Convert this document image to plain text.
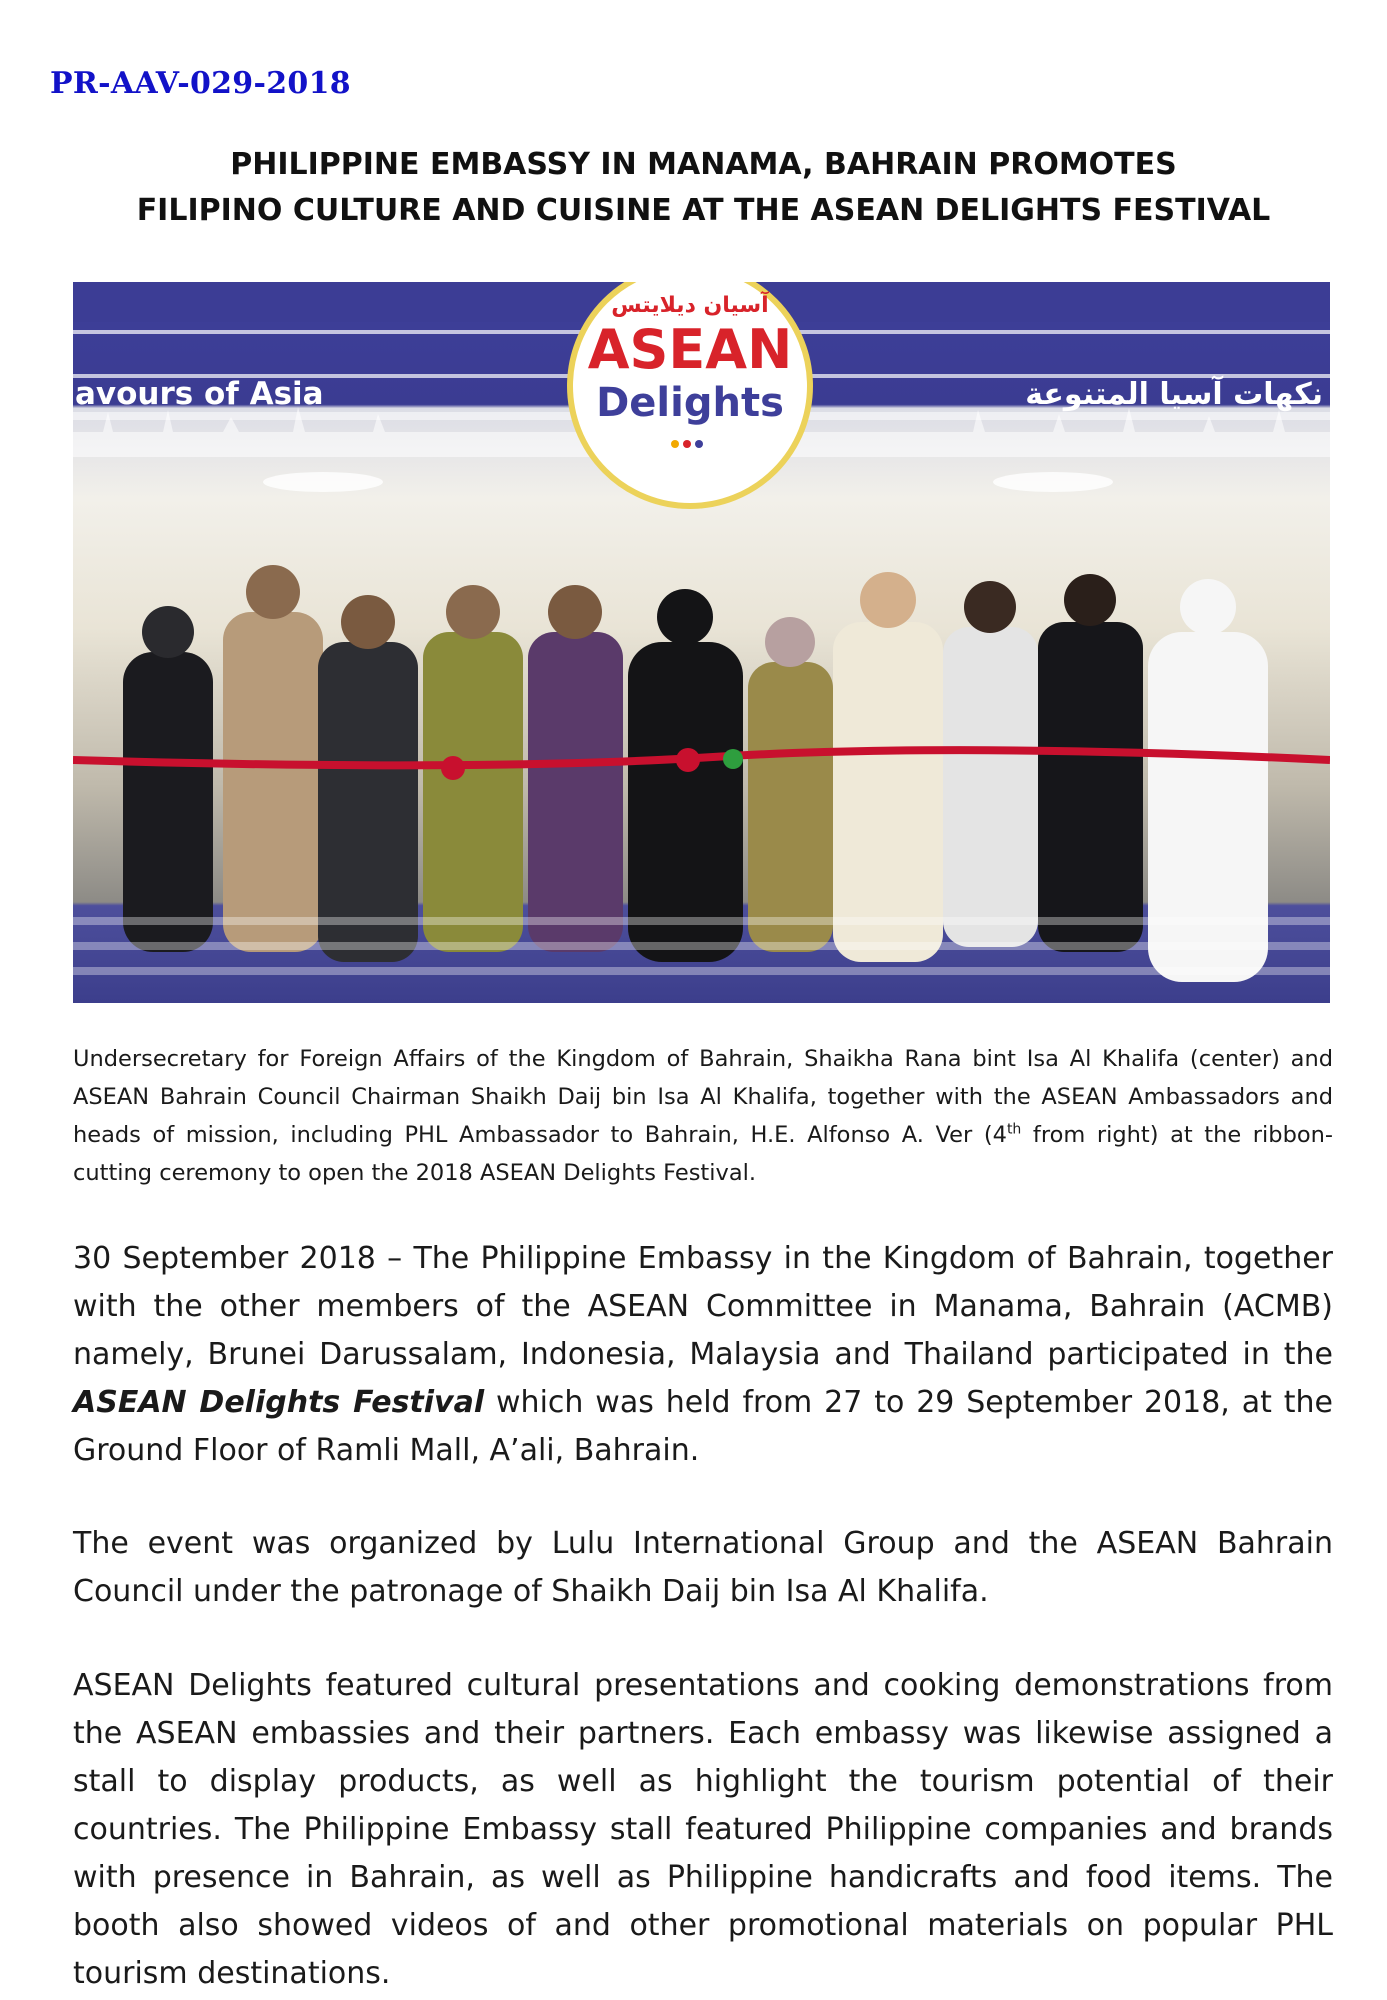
PR-AAV-029-2018
PHILIPPINE EMBASSY IN MANAMA, BAHRAIN PROMOTES
FILIPINO CULTURE AND CUISINE AT THE ASEAN DELIGHTS FESTIVAL
avours of Asia	نكهات آسيا المتنوعة
آسيان ديلايتس
ASEAN
Delights
Undersecretary for Foreign Affairs of the Kingdom of Bahrain, Shaikha Rana bint Isa Al Khalifa (center) and ASEAN Bahrain Council Chairman Shaikh Daij bin Isa Al Khalifa, together with the ASEAN Ambassadors and heads of mission, including PHL Ambassador to Bahrain, H.E. Alfonso A. Ver (4th from right) at the ribbon-cutting ceremony to open the 2018 ASEAN Delights Festival.
30 September 2018 – The Philippine Embassy in the Kingdom of Bahrain, together with the other members of the ASEAN Committee in Manama, Bahrain (ACMB) namely, Brunei Darussalam, Indonesia, Malaysia and Thailand participated in the ASEAN Delights Festival which was held from 27 to 29 September 2018, at the Ground Floor of Ramli Mall, A’ali, Bahrain.
The event was organized by Lulu International Group and the ASEAN Bahrain Council under the patronage of Shaikh Daij bin Isa Al Khalifa.
ASEAN Delights featured cultural presentations and cooking demonstrations from the ASEAN embassies and their partners. Each embassy was likewise assigned a stall to display products, as well as highlight the tourism potential of their countries. The Philippine Embassy stall featured Philippine companies and brands with presence in Bahrain, as well as Philippine handicrafts and food items. The booth also showed videos of and other promotional materials on popular PHL tourism destinations.
